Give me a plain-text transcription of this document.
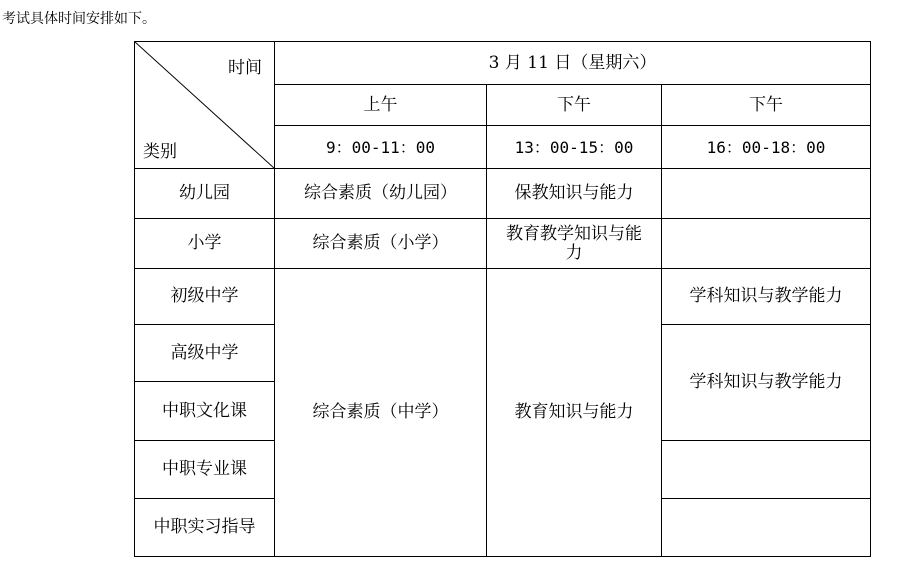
考试具体时间安排如下。
时间
类别	3 月 11 日（星期六）		
	上午	下午	下午
	9：00-11：00	13：00-15：00	16：00-18：00
幼儿园	综合素质（幼儿园）	保教知识与能力	
小学	综合素质（小学）	教育教学知识与能力	
初级中学	综合素质（中学）	教育知识与能力	学科知识与教学能力
高级中学			学科知识与教学能力
中职文化课			
中职专业课			
中职实习指导			
